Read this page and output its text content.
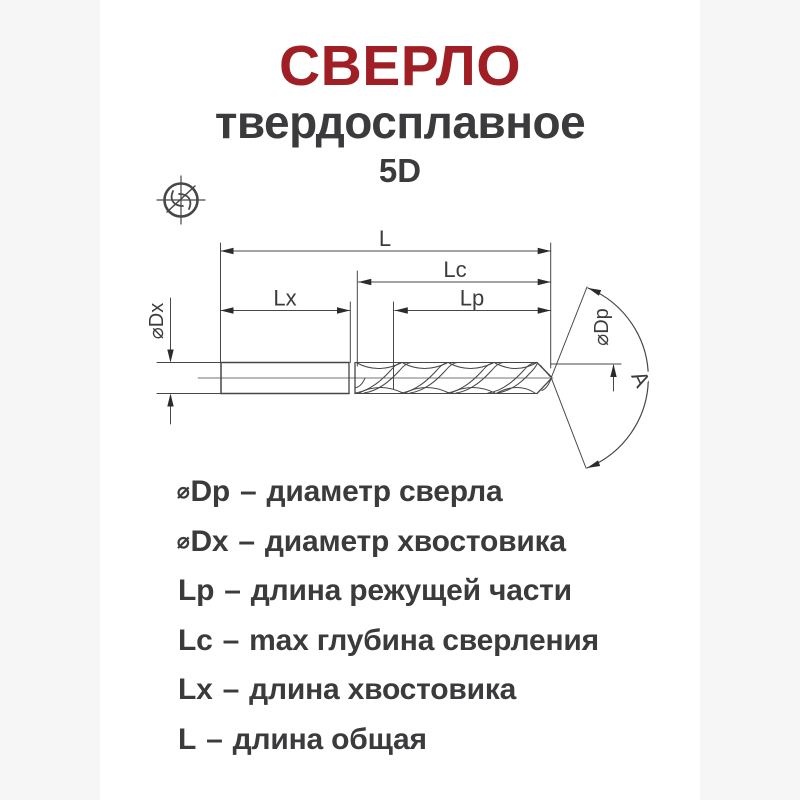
СВЕРЛО
твердосплавное
5D
L
Lc
Lx	Lp
⌀Dx
A
⌀Dp
⌀Dp – диаметр сверла
⌀Dx – диаметр хвостовика
Lp – длина режущей части
Lc – max глубина сверления
Lx – длина хвостовика
L – длина общая
